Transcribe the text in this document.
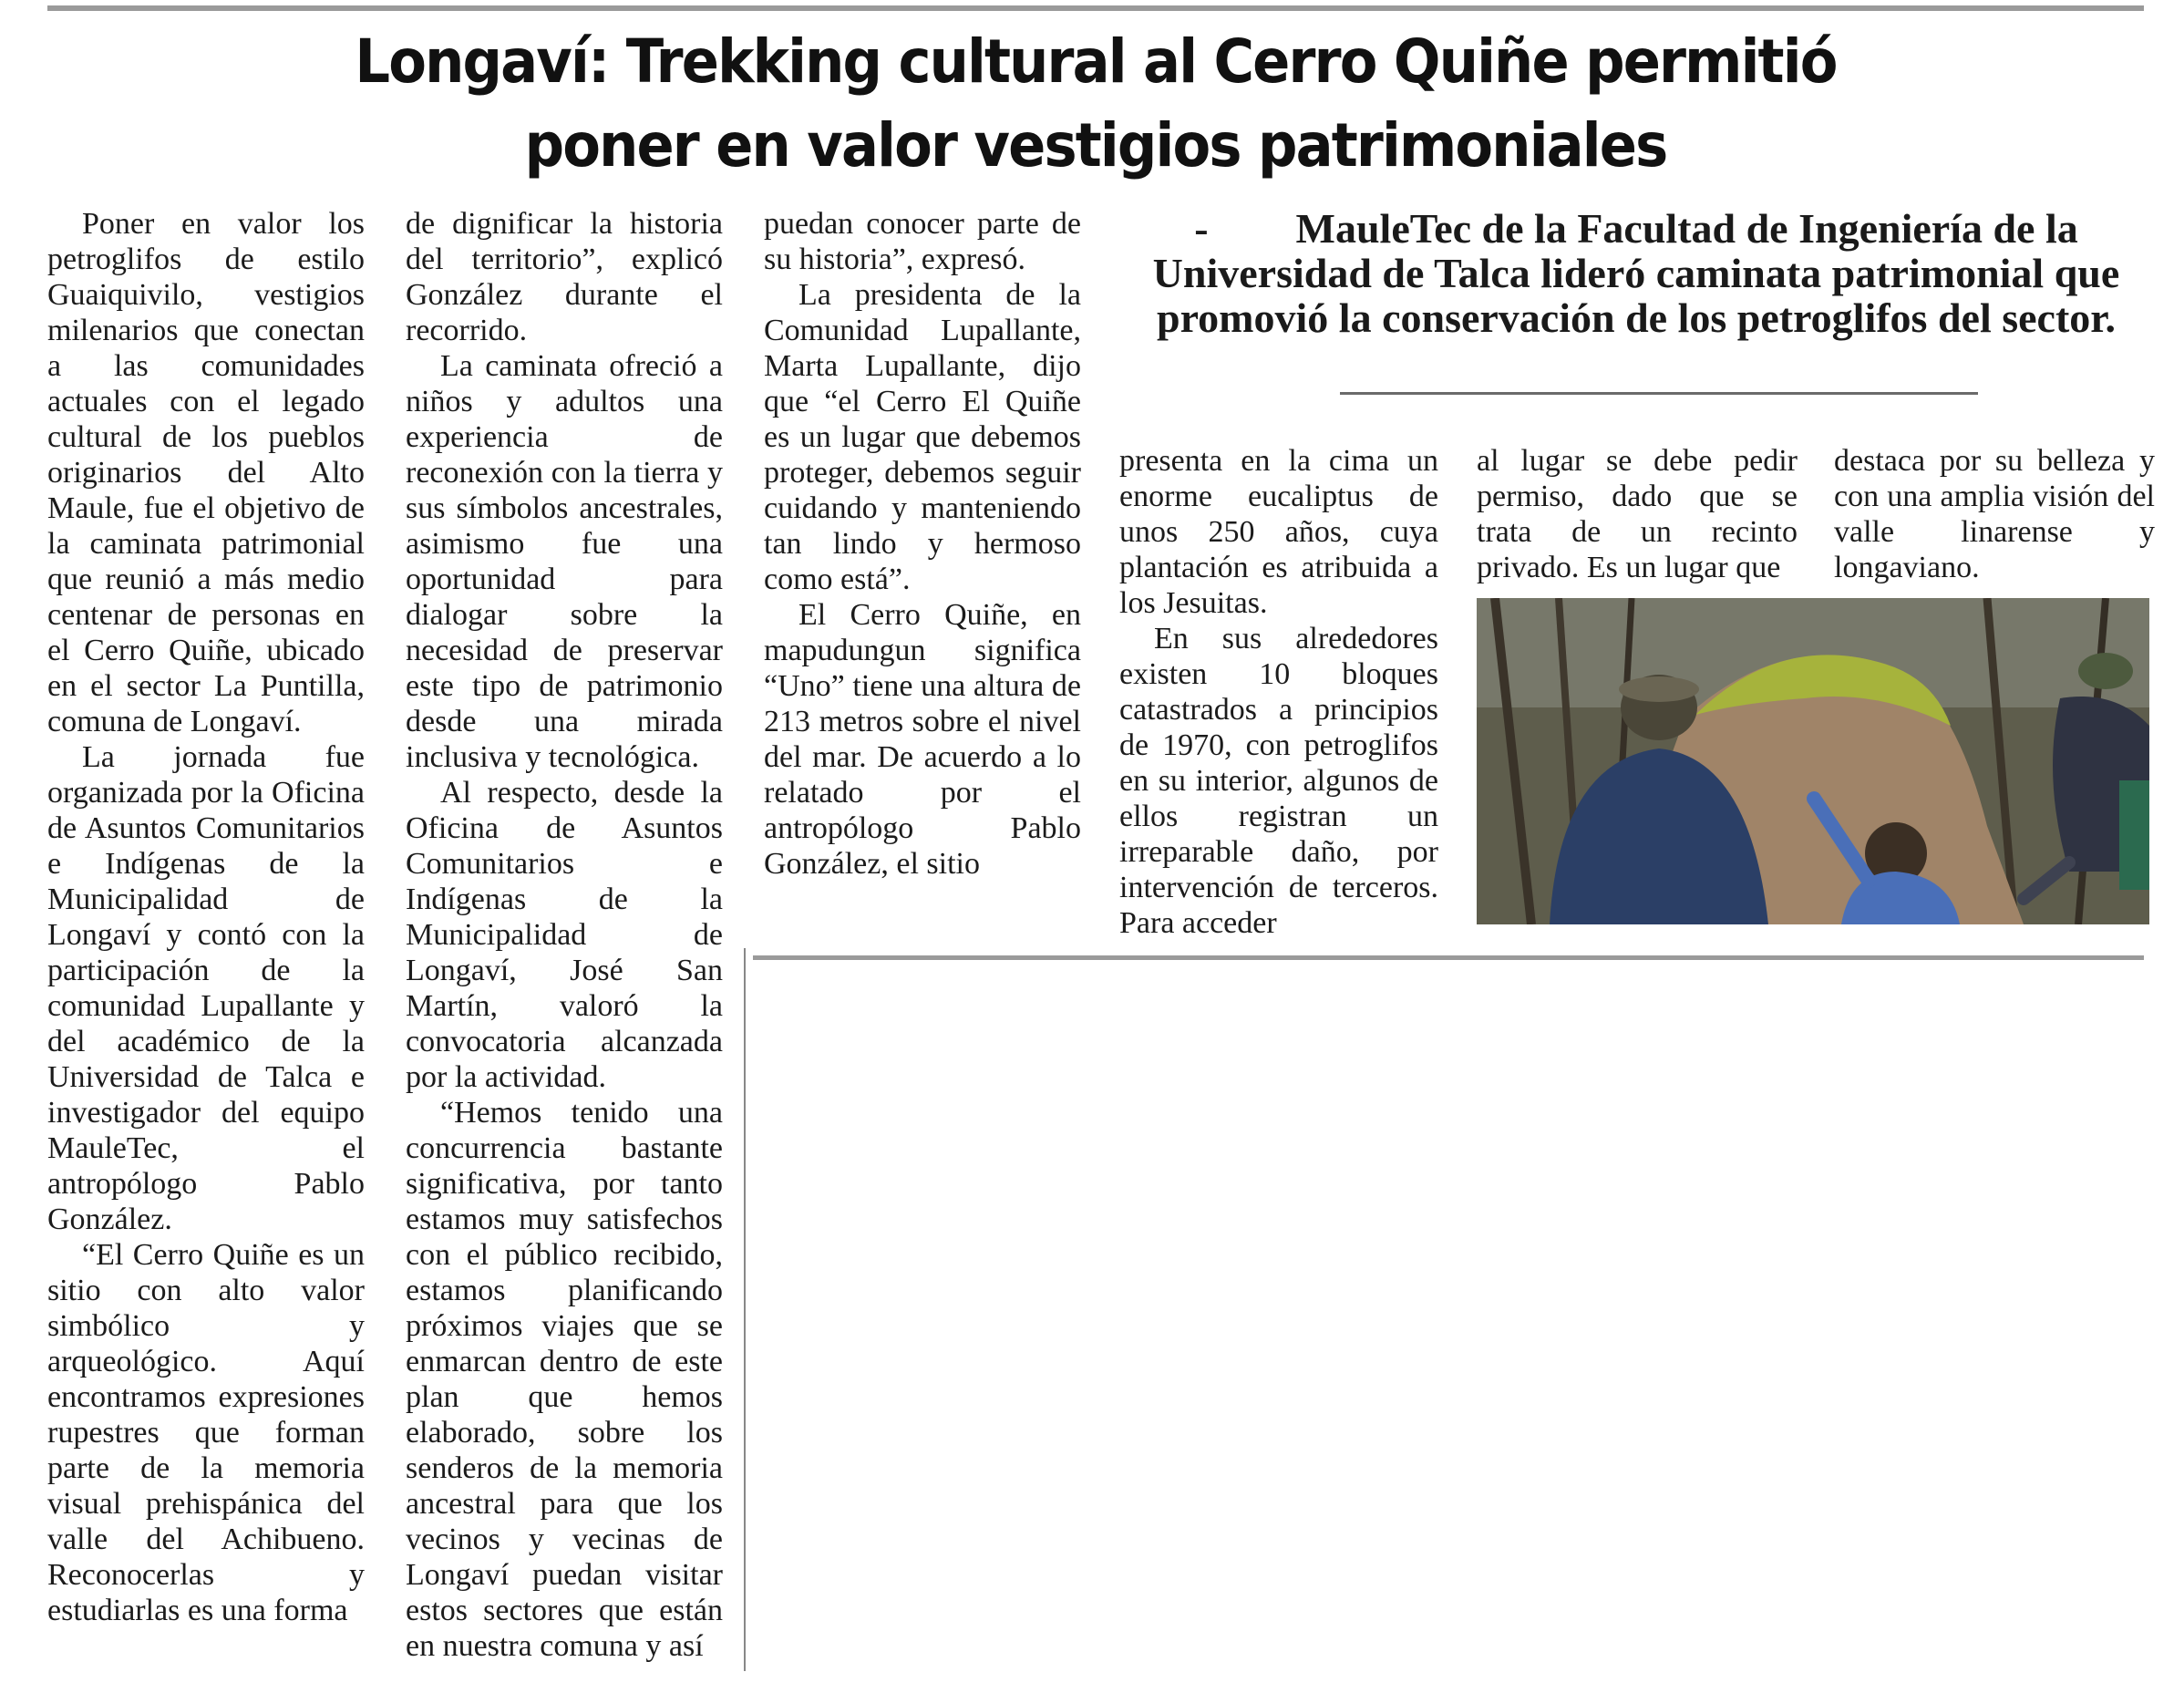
Longaví: Trekking cultural al Cerro Quiñe permitió
poner en valor vestigios patrimoniales

Poner en valor los petroglifos de estilo Guaiquivilo, vestigios milenarios que conectan a las comunidades actuales con el legado cultural de los pueblos originarios del Alto Maule, fue el objetivo de la caminata patrimonial que reunió a más medio centenar de personas en el Cerro Quiñe, ubicado en el sector La Puntilla, comuna de Longaví.

La jornada fue organizada por la Oficina de Asuntos Comunitarios e Indígenas de la Municipalidad de Longaví y contó con la participación de la comunidad Lupallante y del académico de la Universidad de Talca e investigador del equipo MauleTec, el antropólogo Pablo González.

“El Cerro Quiñe es un sitio con alto valor simbólico y arqueológico. Aquí encontramos expresiones rupestres que forman parte de la memoria visual prehispánica del valle del Achibueno. Reconocerlas y estudiarlas es una forma

de dignificar la historia del territorio”, explicó González durante el recorrido.

La caminata ofreció a niños y adultos una experiencia de reconexión con la tierra y sus símbolos ancestrales, asimismo fue una oportunidad para dialogar sobre la necesidad de preservar este tipo de patrimonio desde una mirada inclusiva y tecnológica.

Al respecto, desde la Oficina de Asuntos Comunitarios e Indígenas de la Municipalidad de Longaví, José San Martín, valoró la convocatoria alcanzada por la actividad.

“Hemos tenido una concurrencia bastante significativa, por tanto estamos muy satisfechos con el público recibido, estamos planificando próximos viajes que se enmarcan dentro de este plan que hemos elaborado, sobre los senderos de la memoria ancestral para que los vecinos y vecinas de Longaví puedan visitar estos sectores que están en nuestra comuna y así

puedan conocer parte de su historia”, expresó.

La presidenta de la Comunidad Lupallante, Marta Lupallante, dijo que “el Cerro El Quiñe es un lugar que debemos proteger, debemos seguir cuidando y manteniendo tan lindo y hermoso como está”.

El Cerro Quiñe, en mapudungun significa “Uno” tiene una altura de 213 metros sobre el nivel del mar. De acuerdo a lo relatado por el antropólogo Pablo González, el sitio

- MauleTec de la Facultad de Ingeniería de la Universidad de Talca lideró caminata patrimonial que promovió la conservación de los petroglifos del sector.

presenta en la cima un enorme eucaliptus de unos 250 años, cuya plantación es atribuida a los Jesuitas.

En sus alrededores existen 10 bloques catastrados a principios de 1970, con petroglifos en su interior, algunos de ellos registran un irreparable daño, por intervención de terceros. Para acceder

al lugar se debe pedir permiso, dado que se trata de un recinto privado. Es un lugar que

destaca por su belleza y con una amplia visión del valle linarense y longaviano.
